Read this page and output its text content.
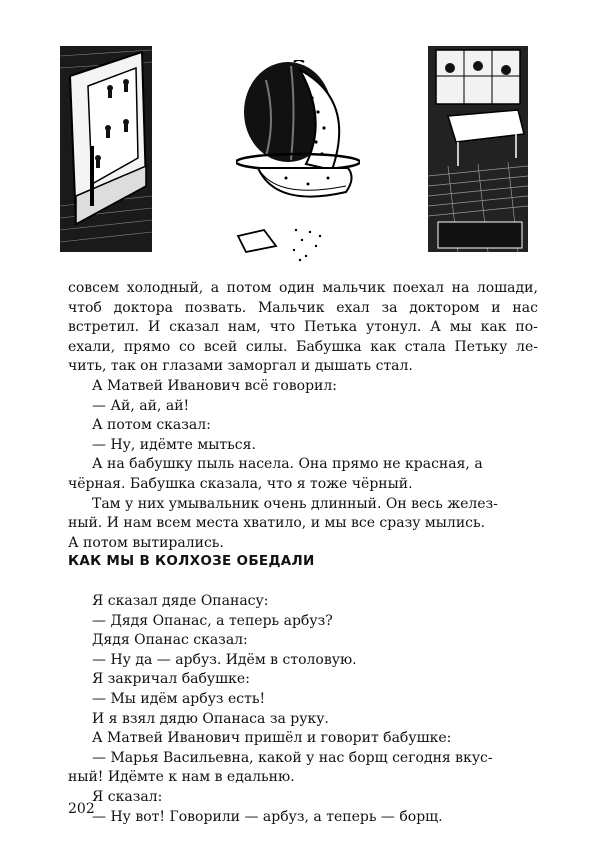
совсем холодный, а потом один мальчик поехал на лошади,
чтоб доктора позвать. Мальчик ехал за доктором и нас
встретил. И сказал нам, что Петька утонул. А мы как по-
ехали, прямо со всей силы. Бабушка как стала Петьку ле-
чить, так он глазами заморгал и дышать стал.
А Матвей Иванович всё говорил:
— Ай, ай, ай!
А потом сказал:
— Ну, идёмте мыться.
А на бабушку пыль насела. Она прямо не красная, а
чёрная. Бабушка сказала, что я тоже чёрный.
Там у них умывальник очень длинный. Он весь желез-
ный. И нам всем места хватило, и мы все сразу мылись.
А потом вытирались.
КАК МЫ В КОЛХОЗЕ ОБЕДАЛИ
Я сказал дяде Опанасу:
— Дядя Опанас, а теперь арбуз?
Дядя Опанас сказал:
— Ну да — арбуз. Идём в столовую.
Я закричал бабушке:
— Мы идём арбуз есть!
И я взял дядю Опанаса за руку.
А Матвей Иванович пришёл и говорит бабушке:
— Марья Васильевна, какой у нас борщ сегодня вкус-
ный! Идёмте к нам в едальню.
Я сказал:
— Ну вот! Говорили — арбуз, а теперь — борщ.
202
